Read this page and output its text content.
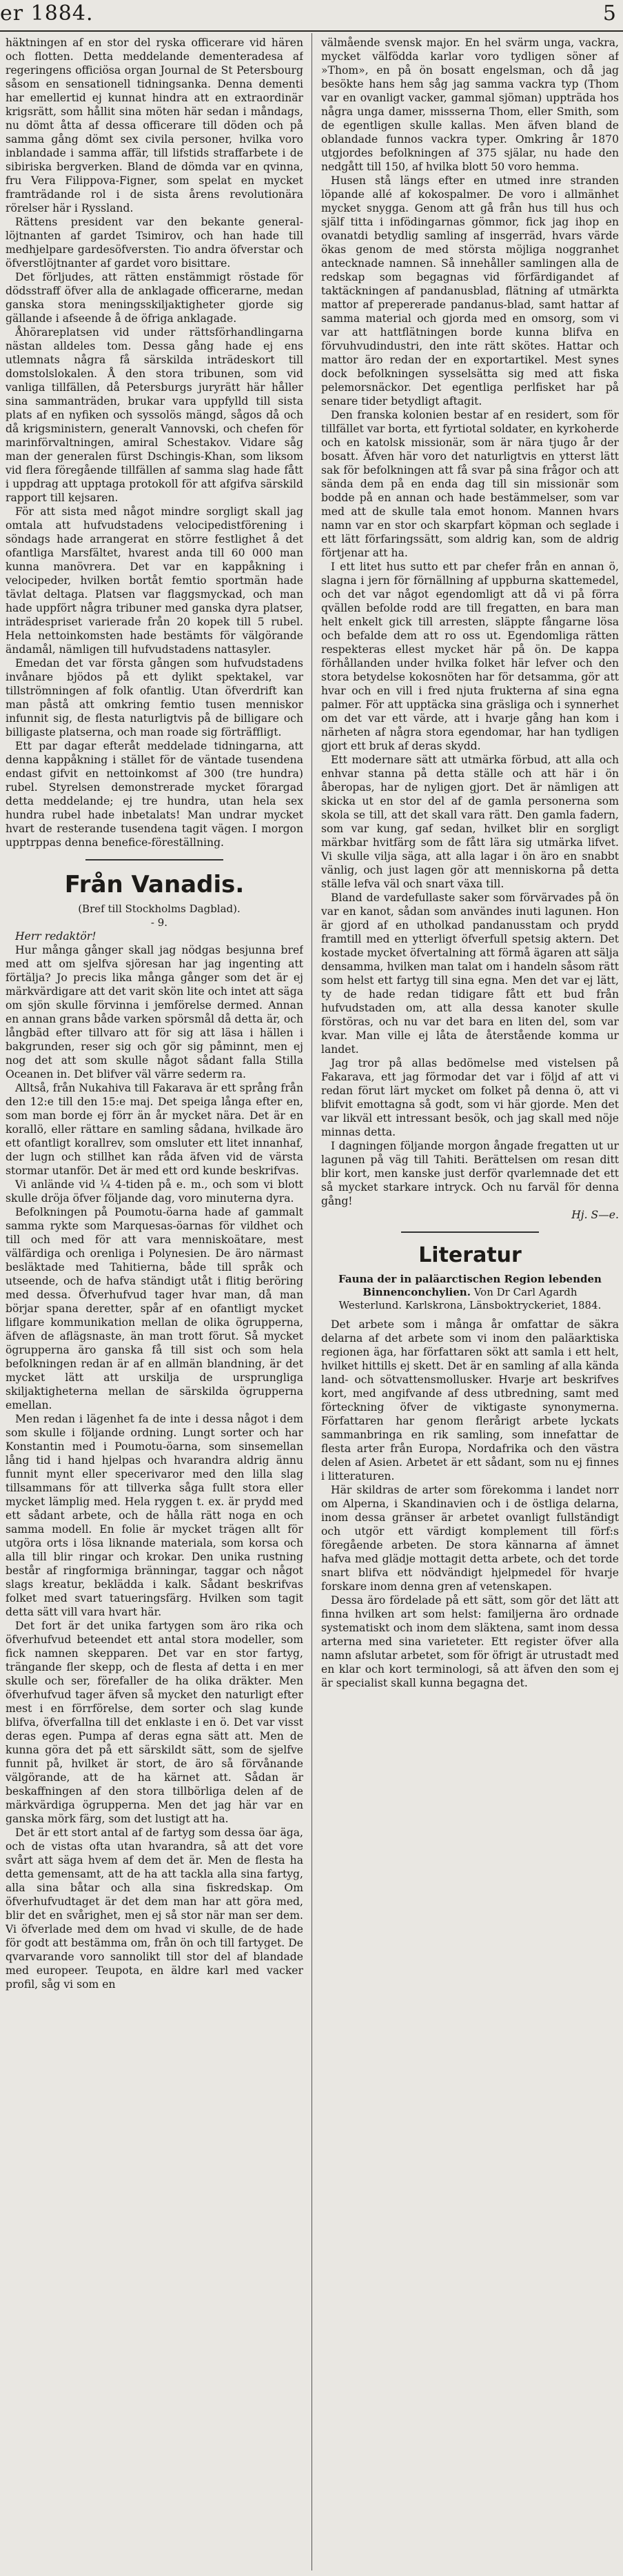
er 1884.	5

häktningen af en stor del ryska officerare vid hären och flotten. Detta meddelande dementeradesa af regeringens officiösa organ Journal de St Petersbourg såsom en sensationell tidningsanka. Denna dementi har emellertid ej kunnat hindra att en extraordinär krigsrätt, som hållit sina möten här sedan i måndags, nu dömt åtta af dessa officerare till döden och på samma gång dömt sex civila personer, hvilka voro inblandade i samma affär, till lifstids straffarbete i de sibiriska bergverken. Bland de dömda var en qvinna, fru Vera Filippova-Figner, som spelat en mycket framträdande rol i de sista årens revolutionära rörelser här i Ryssland.

Rättens president var den bekante general-löjtnanten af gardet Tsimirov, och han hade till medhjelpare gardesöfversten. Tio andra öfverstar och öfverstlöjtnanter af gardet voro bisittare.

Det förljudes, att rätten enstämmigt röstade för dödsstraff öfver alla de anklagade officerarne, medan ganska stora meningsskiljaktigheter gjorde sig gällande i afseende å de öfriga anklagade.

Åhörareplatsen vid under rättsförhandlingarna nästan alldeles tom. Dessa gång hade ej ens utlemnats några få särskilda inträdeskort till domstolslokalen. Å den stora tribunen, som vid vanliga tillfällen, då Petersburgs juryrätt här håller sina sammanträden, brukar vara uppfylld till sista plats af en nyfiken och syssolös mängd, sågos då och då krigsministern, generalt Vannovski, och chefen för marinförvaltningen, amiral Schestakov. Vidare såg man der generalen fürst Dschingis-Khan, som liksom vid flera föregående tillfällen af samma slag hade fått i uppdrag att upptaga protokoll för att afgifva särskild rapport till kejsaren.

För att sista med något mindre sorgligt skall jag omtala att hufvudstadens velocipedistförening i söndags hade arrangerat en större festlighet å det ofantliga Marsfältet, hvarest anda till 60 000 man kunna manövrera. Det var en kappåkning i velocipeder, hvilken bortåt femtio sportmän hade tävlat deltaga. Platsen var flaggsmyckad, och man hade uppfört några tribuner med ganska dyra platser, inträdespriset varierade från 20 kopek till 5 rubel. Hela nettoinkomsten hade bestämts för välgörande ändamål, nämligen till hufvudstadens nattasyler.

Emedan det var första gången som hufvudstadens invånare bjödos på ett dylikt spektakel, var tillströmningen af folk ofantlig. Utan öfverdrift kan man påstå att omkring femtio tusen menniskor infunnit sig, de flesta naturligtvis på de billigare och billigaste platserna, och man roade sig förträffligt.

Ett par dagar efteråt meddelade tidningarna, att denna kappåkning i stället för de väntade tusendena endast gifvit en nettoinkomst af 300 (tre hundra) rubel. Styrelsen demonstrerade mycket förargad detta meddelande; ej tre hundra, utan hela sex hundra rubel hade inbetalats! Man undrar mycket hvart de resterande tusendena tagit vägen. I morgon upptrppas denna benefice-föreställning.

Från Vanadis.

(Bref till Stockholms Dagblad).

- 9.

Herr redaktör!

Hur många gånger skall jag nödgas besjunna bref med att om sjelfva sjöresan har jag ingenting att förtälja? Jo precis lika många gånger som det är ej märkvärdigare att det varit skön lite och intet att säga om sjön skulle förvinna i jemförelse dermed. Annan en annan grans både varken spörsmål då detta är, och långbäd efter tillvaro att för sig att läsa i hällen i bakgrunden, reser sig och gör sig påminnt, men ej nog det att som skulle något sådant falla Stilla Oceanen in. Det blifver väl värre sederm ra.

Alltså, från Nukahiva till Fakarava är ett språng från den 12:e till den 15:e maj. Det speiga långa efter en, som man borde ej förr än år mycket nära. Det är en korallö, eller rättare en samling sådana, hvilkade äro ett ofantligt korallrev, som omsluter ett litet innanhaf, der lugn och stillhet kan råda äfven vid de värsta stormar utanför. Det är med ett ord kunde beskrifvas.

Vi anlände vid ¼ 4-tiden på e. m., och som vi blott skulle dröja öfver följande dag, voro minuterna dyra.

Befolkningen på Poumotu-öarna hade af gammalt samma rykte som Marquesas-öarnas för vildhet och till och med för att vara menniskoätare, mest välfärdiga och orenliga i Polynesien. De äro närmast besläktade med Tahitierna, både till språk och utseende, och de hafva ständigt utåt i flitig beröring med dessa. Öfverhufvud tager hvar man, då man börjar spana deretter, spår af en ofantligt mycket liflgare kommunikation mellan de olika ögrupperna, äfven de aflägsnaste, än man trott förut. Så mycket ögrupperna äro ganska få till sist och som hela befolkningen redan är af en allmän blandning, är det mycket lätt att urskilja de ursprungliga skiljaktigheterna mellan de särskilda ögrupperna emellan.

Men redan i lägenhet fa de inte i dessa något i dem som skulle i följande ordning. Lungt sorter och har Konstantin med i Poumotu-öarna, som sinsemellan lång tid i hand hjelpas och hvarandra aldrig ännu funnit mynt eller specerivaror med den lilla slag tillsammans för att tillverka såga fullt stora eller mycket lämplig med. Hela ryggen t. ex. är prydd med ett sådant arbete, och de hålla rätt noga en och samma modell. En folie är mycket trägen allt för utgöra orts i lösa liknande materiala, som korsa och alla till blir ringar och krokar. Den unika rustning består af ringformiga bränningar, taggar och något slags kreatur, beklädda i kalk. Sådant beskrifvas folket med svart tatueringsfärg. Hvilken som tagit detta sätt vill vara hvart här.

Det fort är det unika fartygen som äro rika och öfverhufvud beteendet ett antal stora modeller, som fick namnen skepparen. Det var en stor fartyg, trängande fler skepp, och de flesta af detta i en mer skulle och ser, förefaller de ha olika dräkter. Men öfverhufvud tager äfven så mycket den naturligt efter mest i en förrförelse, dem sorter och slag kunde blifva, öfverfallna till det enklaste i en ö. Det var visst deras egen. Pumpa af deras egna sätt att. Men de kunna göra det på ett särskildt sätt, som de sjelfve funnit på, hvilket är stort, de äro så förvånande välgörande, att de ha kärnet att. Sådan är beskaffningen af den stora tillbörliga delen af de märkvärdiga ögrupperna. Men det jag här var en ganska mörk färg, som det lustigt att ha.

Det är ett stort antal af de fartyg som dessa öar äga, och de vistas ofta utan hvarandra, så att det vore svårt att säga hvem af dem det är. Men de flesta ha detta gemensamt, att de ha att tackla alla sina fartyg, alla sina båtar och alla sina fiskredskap. Om öfverhufvudtaget är det dem man har att göra med, blir det en svårighet, men ej så stor när man ser dem. Vi öfverlade med dem om hvad vi skulle, de de hade för godt att bestämma om, från ön och till fartyget. De qvarvarande voro sannolikt till stor del af blandade med europeer. Teupota, en äldre karl med vacker profil, såg vi som en

välmående svensk major. En hel svärm unga, vackra, mycket välfödda karlar voro tydligen söner af »Thom», en på ön bosatt engelsman, och då jag besökte hans hem såg jag samma vackra typ (Thom var en ovanligt vacker, gammal sjöman) uppträda hos några unga damer, missserna Thom, eller Smith, som de egentligen skulle kallas. Men äfven bland de oblandade funnos vackra typer. Omkring år 1870 utgjordes befolkningen af 375 själar, nu hade den nedgått till 150, af hvilka blott 50 voro hemma.

Husen stå längs efter en utmed inre stranden löpande allé af kokospalmer. De voro i allmänhet mycket snygga. Genom att gå från hus till hus och själf titta i infödingarnas gömmor, fick jag ihop en ovanatdi betydlig samling af insgerräd, hvars värde ökas genom de med största möjliga noggranhet antecknade namnen. Så innehåller samlingen alla de redskap som begagnas vid förfärdigandet af taktäckningen af pandanusblad, flätning af utmärkta mattor af prepererade pandanus-blad, samt hattar af samma material och gjorda med en omsorg, som vi var att hattflätningen borde kunna blifva en förvuhvudindustri, den inte rätt skötes. Hattar och mattor äro redan der en exportartikel. Mest synes dock befolkningen sysselsätta sig med att fiska pelemorsnäckor. Det egentliga perlfisket har på senare tider betydligt aftagit.

Den franska kolonien bestar af en residert, som för tillfället var borta, ett fyrtiotal soldater, en kyrkoherde och en katolsk missionär, som är nära tjugo år der bosatt. Äfven här voro det naturligtvis en ytterst lätt sak för befolkningen att få svar på sina frågor och att sända dem på en enda dag till sin missionär som bodde på en annan och hade bestämmelser, som var med att de skulle tala emot honom. Mannen hvars namn var en stor och skarpfart köpman och seglade i ett lätt förfaringssätt, som aldrig kan, som de aldrig förtjenar att ha.

I ett litet hus sutto ett par chefer från en annan ö, slagna i jern för förnällning af uppburna skattemedel, och det var något egendomligt att då vi på förra qvällen befolde rodd are till fregatten, en bara man helt enkelt gick till arresten, släppte fångarne lösa och befalde dem att ro oss ut. Egendomliga rätten respekteras ellest mycket här på ön. De kappa förhållanden under hvilka folket här lefver och den stora betydelse kokosnöten har för detsamma, gör att hvar och en vill i fred njuta frukterna af sina egna palmer. För att upptäcka sina gräsliga och i synnerhet om det var ett värde, att i hvarje gång han kom i närheten af några stora egendomar, har han tydligen gjort ett bruk af deras skydd.

Ett modernare sätt att utmärka förbud, att alla och enhvar stanna på detta ställe och att här i ön åberopas, har de nyligen gjort. Det är nämligen att skicka ut en stor del af de gamla personerna som skola se till, att det skall vara rätt. Den gamla fadern, som var kung, gaf sedan, hvilket blir en sorgligt märkbar hvitfärg som de fått lära sig utmärka lifvet. Vi skulle vilja säga, att alla lagar i ön äro en snabbt vänlig, och just lagen gör att menniskorna på detta ställe lefva väl och snart växa till.

Bland de vardefullaste saker som förvärvades på ön var en kanot, sådan som användes inuti lagunen. Hon är gjord af en utholkad pandanusstam och prydd framtill med en ytterligt öfverfull spetsig aktern. Det kostade mycket öfvertalning att förmå ägaren att sälja densamma, hvilken man talat om i handeln såsom rätt som helst ett fartyg till sina egna. Men det var ej lätt, ty de hade redan tidigare fått ett bud från hufvudstaden om, att alla dessa kanoter skulle förstöras, och nu var det bara en liten del, som var kvar. Man ville ej låta de återstående komma ur landet.

Jag tror på allas bedömelse med vistelsen på Fakarava, ett jag förmodar det var i följd af att vi redan förut lärt mycket om folket på denna ö, att vi blifvit emottagna så godt, som vi här gjorde. Men det var likväl ett intressant besök, och jag skall med nöje minnas detta.

I dagningen följande morgon ångade fregatten ut ur lagunen på väg till Tahiti. Berättelsen om resan ditt blir kort, men kanske just derför qvarlemnade det ett så mycket starkare intryck. Och nu farväl för denna gång!

Hj. S—e.

Literatur
Fauna der in paläarctischen Region lebenden Binnenconchylien. Von Dr Carl Agardh Westerlund. Karlskrona, Länsboktryckeriet, 1884.

Det arbete som i många år omfattar de säkra delarna af det arbete som vi inom den paläarktiska regionen äga, har författaren sökt att samla i ett helt, hvilket hittills ej skett. Det är en samling af alla kända land- och sötvattensmollusker. Hvarje art beskrifves kort, med angifvande af dess utbredning, samt med förteckning öfver de viktigaste synonymerna. Författaren har genom flerårigt arbete lyckats sammanbringa en rik samling, som innefattar de flesta arter från Europa, Nordafrika och den västra delen af Asien. Arbetet är ett sådant, som nu ej finnes i litteraturen.

Här skildras de arter som förekomma i landet norr om Alperna, i Skandinavien och i de östliga delarna, inom dessa gränser är arbetet ovanligt fullständigt och utgör ett värdigt komplement till förf:s föregående arbeten. De stora kännarna af ämnet hafva med glädje mottagit detta arbete, och det torde snart blifva ett nödvändigt hjelpmedel för hvarje forskare inom denna gren af vetenskapen.

Dessa äro fördelade på ett sätt, som gör det lätt att finna hvilken art som helst: familjerna äro ordnade systematiskt och inom dem släktena, samt inom dessa arterna med sina varieteter. Ett register öfver alla namn afslutar arbetet, som för öfrigt är utrustadt med en klar och kort terminologi, så att äfven den som ej är specialist skall kunna begagna det.
